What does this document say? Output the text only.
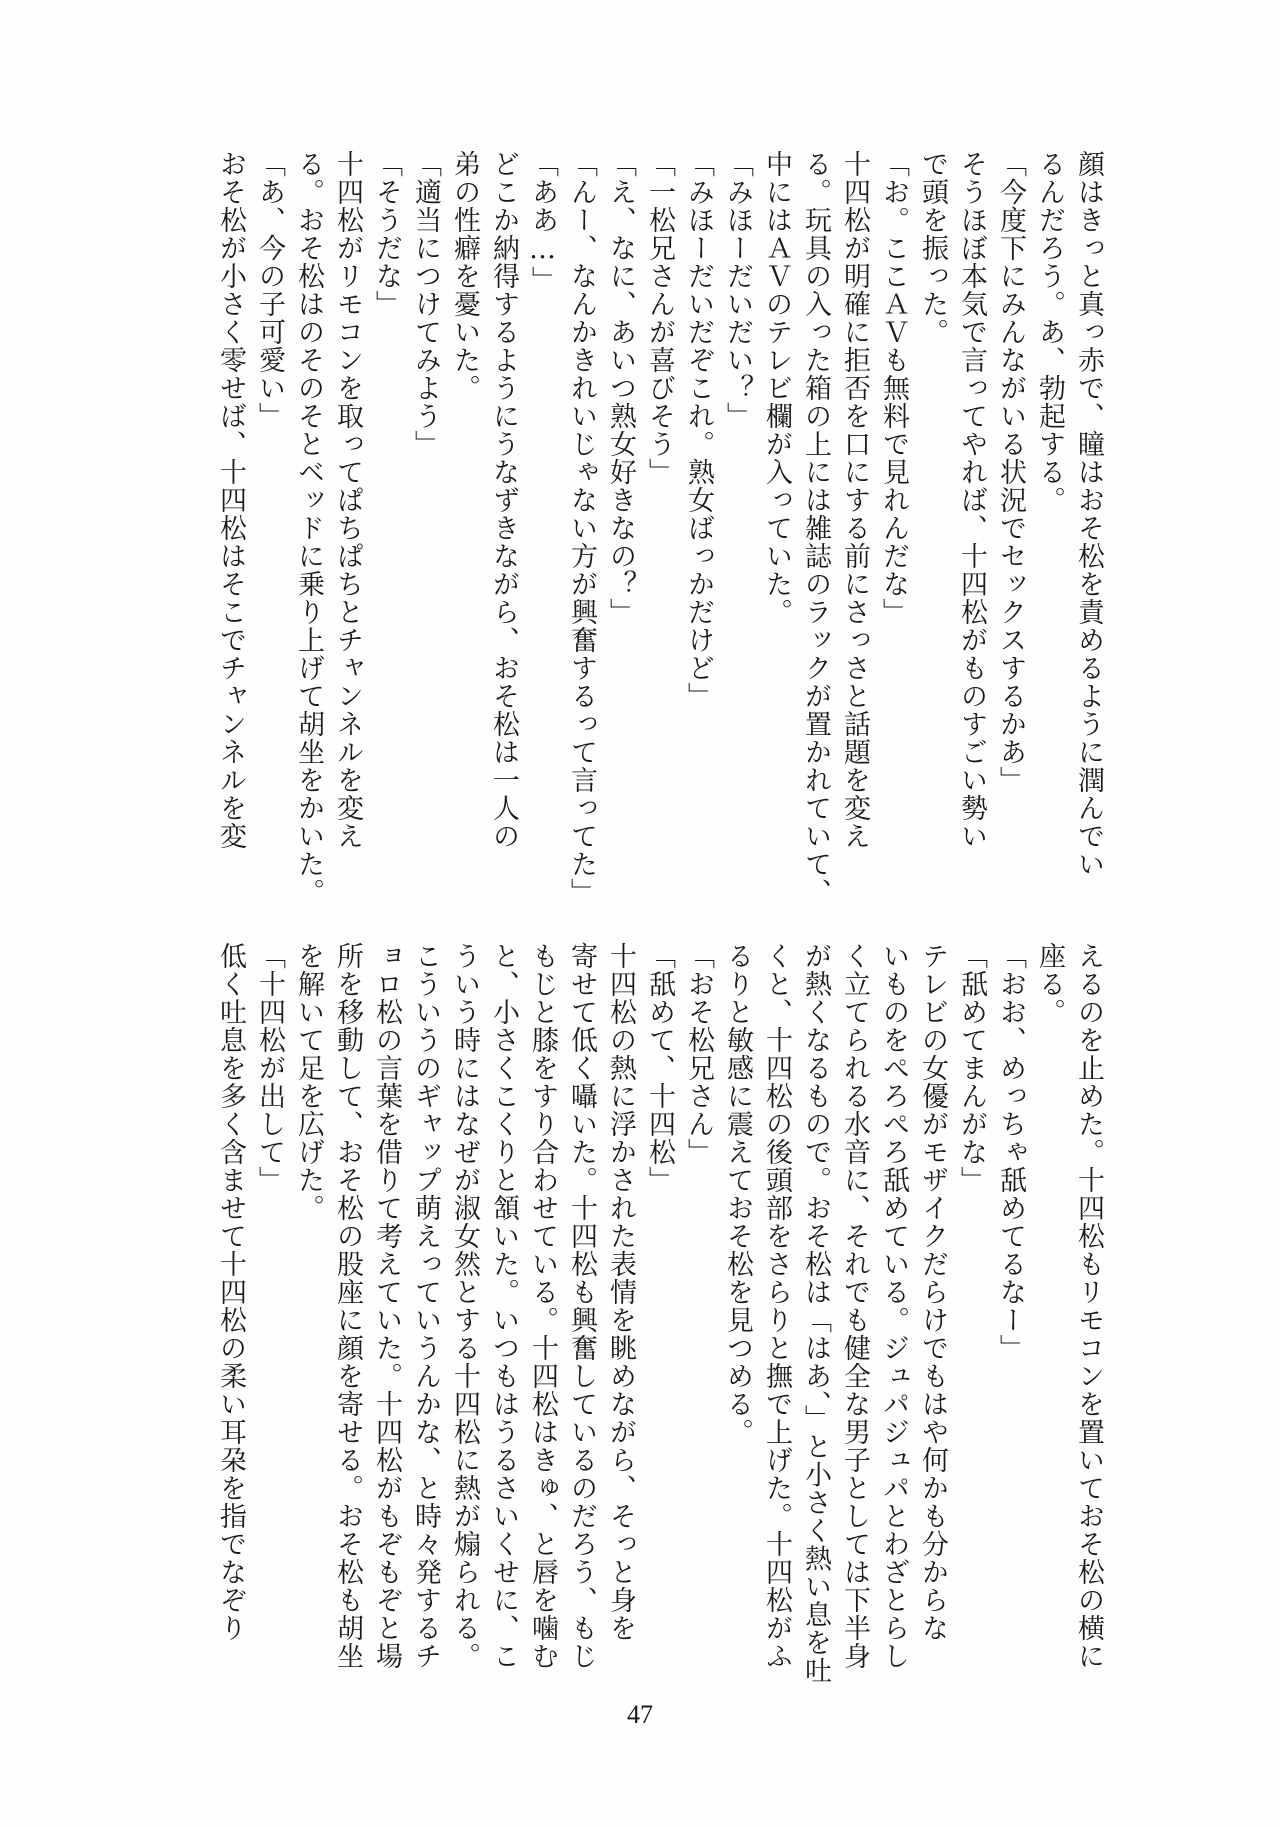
顔はきっと真っ赤で、瞳はおそ松を責めるように潤んでい
るんだろう。あ、勃起する。
「今度下にみんながいる状況でセックスするかあ」
そうほぼ本気で言ってやれば、十四松がものすごい勢い
で頭を振った。
「お。ここＡＶも無料で見れんだな」
十四松が明確に拒否を口にする前にさっさと話題を変え
る。玩具の入った箱の上には雑誌のラックが置かれていて、
中にはＡＶのテレビ欄が入っていた。
「みほーだいだい？」
「みほーだいだぞこれ。熟女ばっかだけど」
「一松兄さんが喜びそう」
「え、なに、あいつ熟女好きなの？」
「んー、なんかきれいじゃない方が興奮するって言ってた」
「ああ…」
どこか納得するようにうなずきながら、おそ松は一人の
弟の性癖を憂いた。
「適当につけてみよう」
「そうだな」
十四松がリモコンを取ってぱちぱちとチャンネルを変え
る。おそ松はのそのそとベッドに乗り上げて胡坐をかいた。
「あ、今の子可愛い」
おそ松が小さく零せば、十四松はそこでチャンネルを変
えるのを止めた。十四松もリモコンを置いておそ松の横に
座る。
「おお、めっちゃ舐めてるなー」
「舐めてまんがな」
テレビの女優がモザイクだらけでもはや何かも分からな
いものをぺろぺろ舐めている。ジュパジュパとわざとらし
く立てられる水音に、それでも健全な男子としては下半身
が熱くなるもので。おそ松は「はあ、」と小さく熱い息を吐
くと、十四松の後頭部をさらりと撫で上げた。十四松がふ
るりと敏感に震えておそ松を見つめる。
「おそ松兄さん」
「舐めて、十四松」
十四松の熱に浮かされた表情を眺めながら、そっと身を
寄せて低く囁いた。十四松も興奮しているのだろう、もじ
もじと膝をすり合わせている。十四松はきゅ、と唇を噛む
と、小さくこくりと頷いた。いつもはうるさいくせに、こ
ういう時にはなぜが淑女然とする十四松に熱が煽られる。
こういうのギャップ萌えっていうんかな、と時々発するチ
ョロ松の言葉を借りて考えていた。十四松がもぞもぞと場
所を移動して、おそ松の股座に顔を寄せる。おそ松も胡坐
を解いて足を広げた。
「十四松が出して」
低く吐息を多く含ませて十四松の柔い耳朶を指でなぞり
47
